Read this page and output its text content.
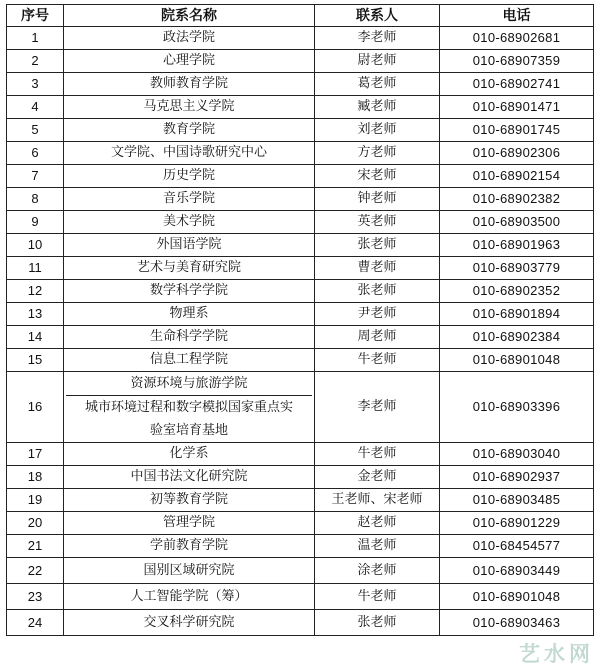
序号	院系名称	联系人	电话
1	政法学院	李老师	010-68902681
2	心理学院	尉老师	010-68907359
3	教师教育学院	葛老师	010-68902741
4	马克思主义学院	臧老师	010-68901471
5	教育学院	刘老师	010-68901745
6	文学院、中国诗歌研究中心	方老师	010-68902306
7	历史学院	宋老师	010-68902154
8	音乐学院	钟老师	010-68902382
9	美术学院	英老师	010-68903500
10	外国语学院	张老师	010-68901963
11	艺术与美育研究院	曹老师	010-68903779
12	数学科学学院	张老师	010-68902352
13	物理系	尹老师	010-68901894
14	生命科学学院	周老师	010-68902384
15	信息工程学院	牛老师	010-68901048
16	资源环境与旅游学院
城市环境过程和数字模拟国家重点实
验室培育基地	李老师	010-68903396
17	化学系	牛老师	010-68903040
18	中国书法文化研究院	金老师	010-68902937
19	初等教育学院	王老师、宋老师	010-68903485
20	管理学院	赵老师	010-68901229
21	学前教育学院	温老师	010-68454577
22	国别区域研究院	涂老师	010-68903449
23	人工智能学院（筹）	牛老师	010-68901048
24	交叉科学研究院	张老师	010-68903463
艺水网
